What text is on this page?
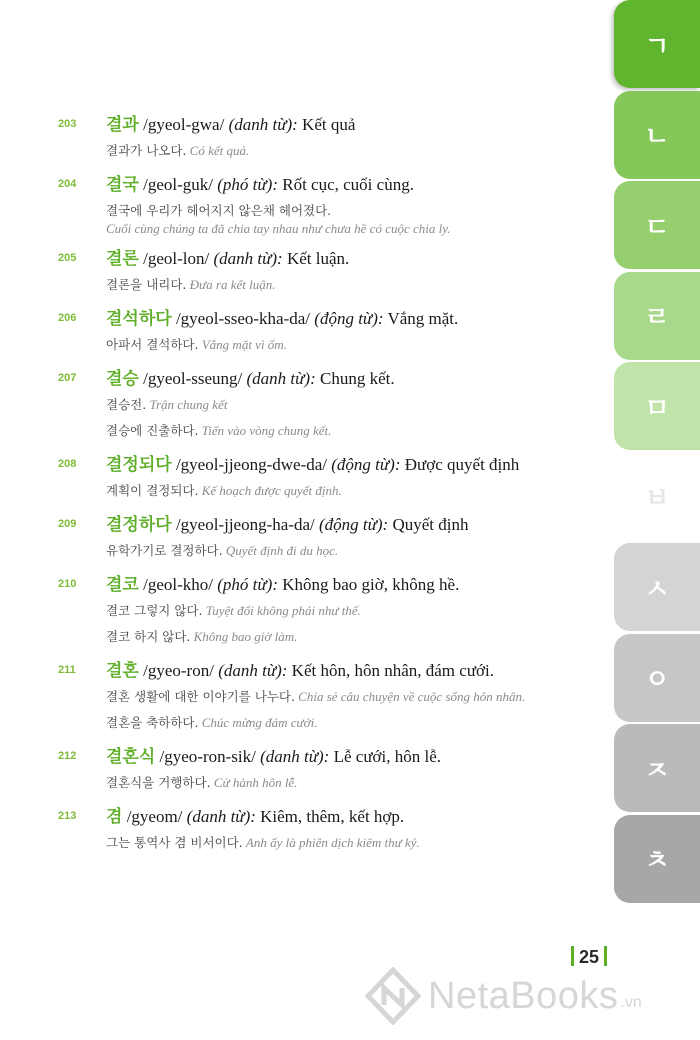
203 결과 /gyeol-gwa/ (danh từ): Kết quả
결과가 나오다. Có kết quả.
204 결국 /geol-guk/ (phó từ): Rốt cục, cuối cùng.
결국에 우리가 헤어지지 않은채 헤어졌다.
Cuối cùng chúng ta đã chia tay nhau như chưa hề có cuộc chia ly.
205 결론 /geol-lon/ (danh từ): Kết luận.
결론을 내리다. Đưa ra kết luận.
206 결석하다 /gyeol-sseo-kha-da/ (động từ): Vắng mặt.
아파서 결석하다. Vắng mặt vì ốm.
207 결승 /gyeol-sseung/ (danh từ): Chung kết.
결승전. Trận chung kết
결승에 진출하다. Tiến vào vòng chung kết.
208 결정되다 /gyeol-jjeong-dwe-da/ (động từ): Được quyết định
계획이 결정되다. Kế hoạch được quyết định.
209 결정하다 /gyeol-jjeong-ha-da/ (động từ): Quyết định
유학가기로 결정하다. Quyết định đi du học.
210 결코 /geol-kho/ (phó từ): Không bao giờ, không hề.
결코 그렇지 않다. Tuyệt đối không phải như thế.
결코 하지 않다. Không bao giờ làm.
211 결혼 /gyeo-ron/ (danh từ): Kết hôn, hôn nhân, đám cưới.
결혼 생활에 대한 이야기를 나누다. Chia sẻ câu chuyện về cuộc sống hôn nhân.
결혼을 축하하다. Chúc mừng đám cưới.
212 결혼식 /gyeo-ron-sik/ (danh từ): Lễ cưới, hôn lễ.
결혼식을 거행하다. Cử hành hôn lễ.
213 겸 /gyeom/ (danh từ): Kiêm, thêm, kết hợp.
그는 통역사 겸 비서이다. Anh ấy là phiên dịch kiêm thư ký.
ㄱ
ㄴ
ㄷ
ㄹ
ㅁ
ㅂ
ㅅ
ㅇ
ㅈ
ㅊ
25
NetaBooks .vn
